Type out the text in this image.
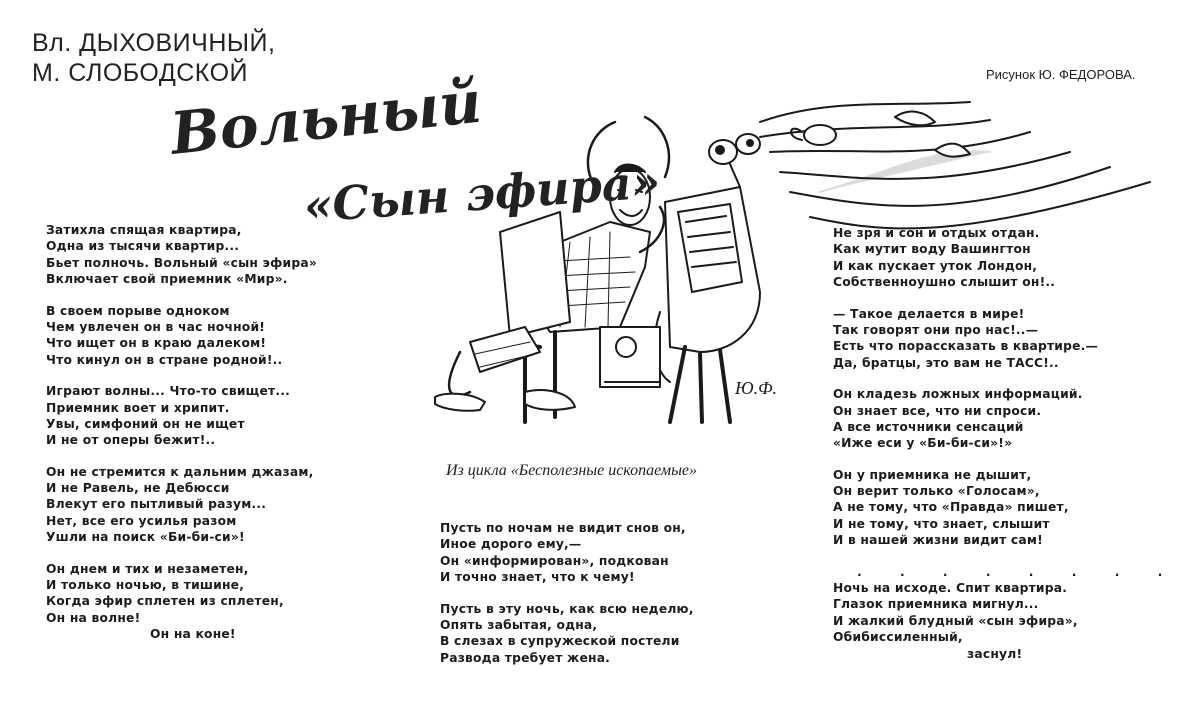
Вл. ДЫХОВИЧНЫЙ,
М. СЛОБОДСКОЙ	Рисунок Ю. ФЕДОРОВА.
Ю.Ф.
Вольный
«Сын эфира»
Из цикла «Бесполезные ископаемые»
Затихла спящая квартира,
Одна из тысячи квартир...
Бьет полночь. Вольный «сын эфира»
Включает свой приемник «Мир».
В своем порыве одноком
Чем увлечен он в час ночной!
Что ищет он в краю далеком!
Что кинул он в стране родной!..
Играют волны... Что-то свищет...
Приемник воет и хрипит.
Увы, симфоний он не ищет
И не от оперы бежит!..
Он не стремится к дальним джазам,
И не Равель, не Дебюсси
Влекут его пытливый разум...
Нет, все его усилья разом
Ушли на поиск «Би-би-си»!
Он днем и тих и незаметен,
И только ночью, в тишине,
Когда эфир сплетен из сплетен,
Он на волне!
Он на коне!
Пусть по ночам не видит снов он,
Иное дорого ему,—
Он «информирован», подкован
И точно знает, что к чему!
Пусть в эту ночь, как всю неделю,
Опять забытая, одна,
В слезах в супружеской постели
Развода требует жена.
Не зря и сон и отдых отдан.
Как мутит воду Вашингтон
И как пускает уток Лондон,
Собственноушно слышит он!..
— Такое делается в мире!
Так говорят они про нас!..—
Есть что порассказать в квартире.—
Да, братцы, это вам не ТАСС!..
Он кладезь ложных информаций.
Он знает все, что ни спроси.
А все источники сенсаций
«Иже еси у «Би-би-си»!»
Он у приемника не дышит,
Он верит только «Голосам»,
А не тому, что «Правда» пишет,
И не тому, что знает, слышит
И в нашей жизни видит сам!
. . . . . . . .
Ночь на исходе. Спит квартира.
Глазок приемника мигнул...
И жалкий блудный «сын эфира»,
Обибиссиленный,
заснул!
